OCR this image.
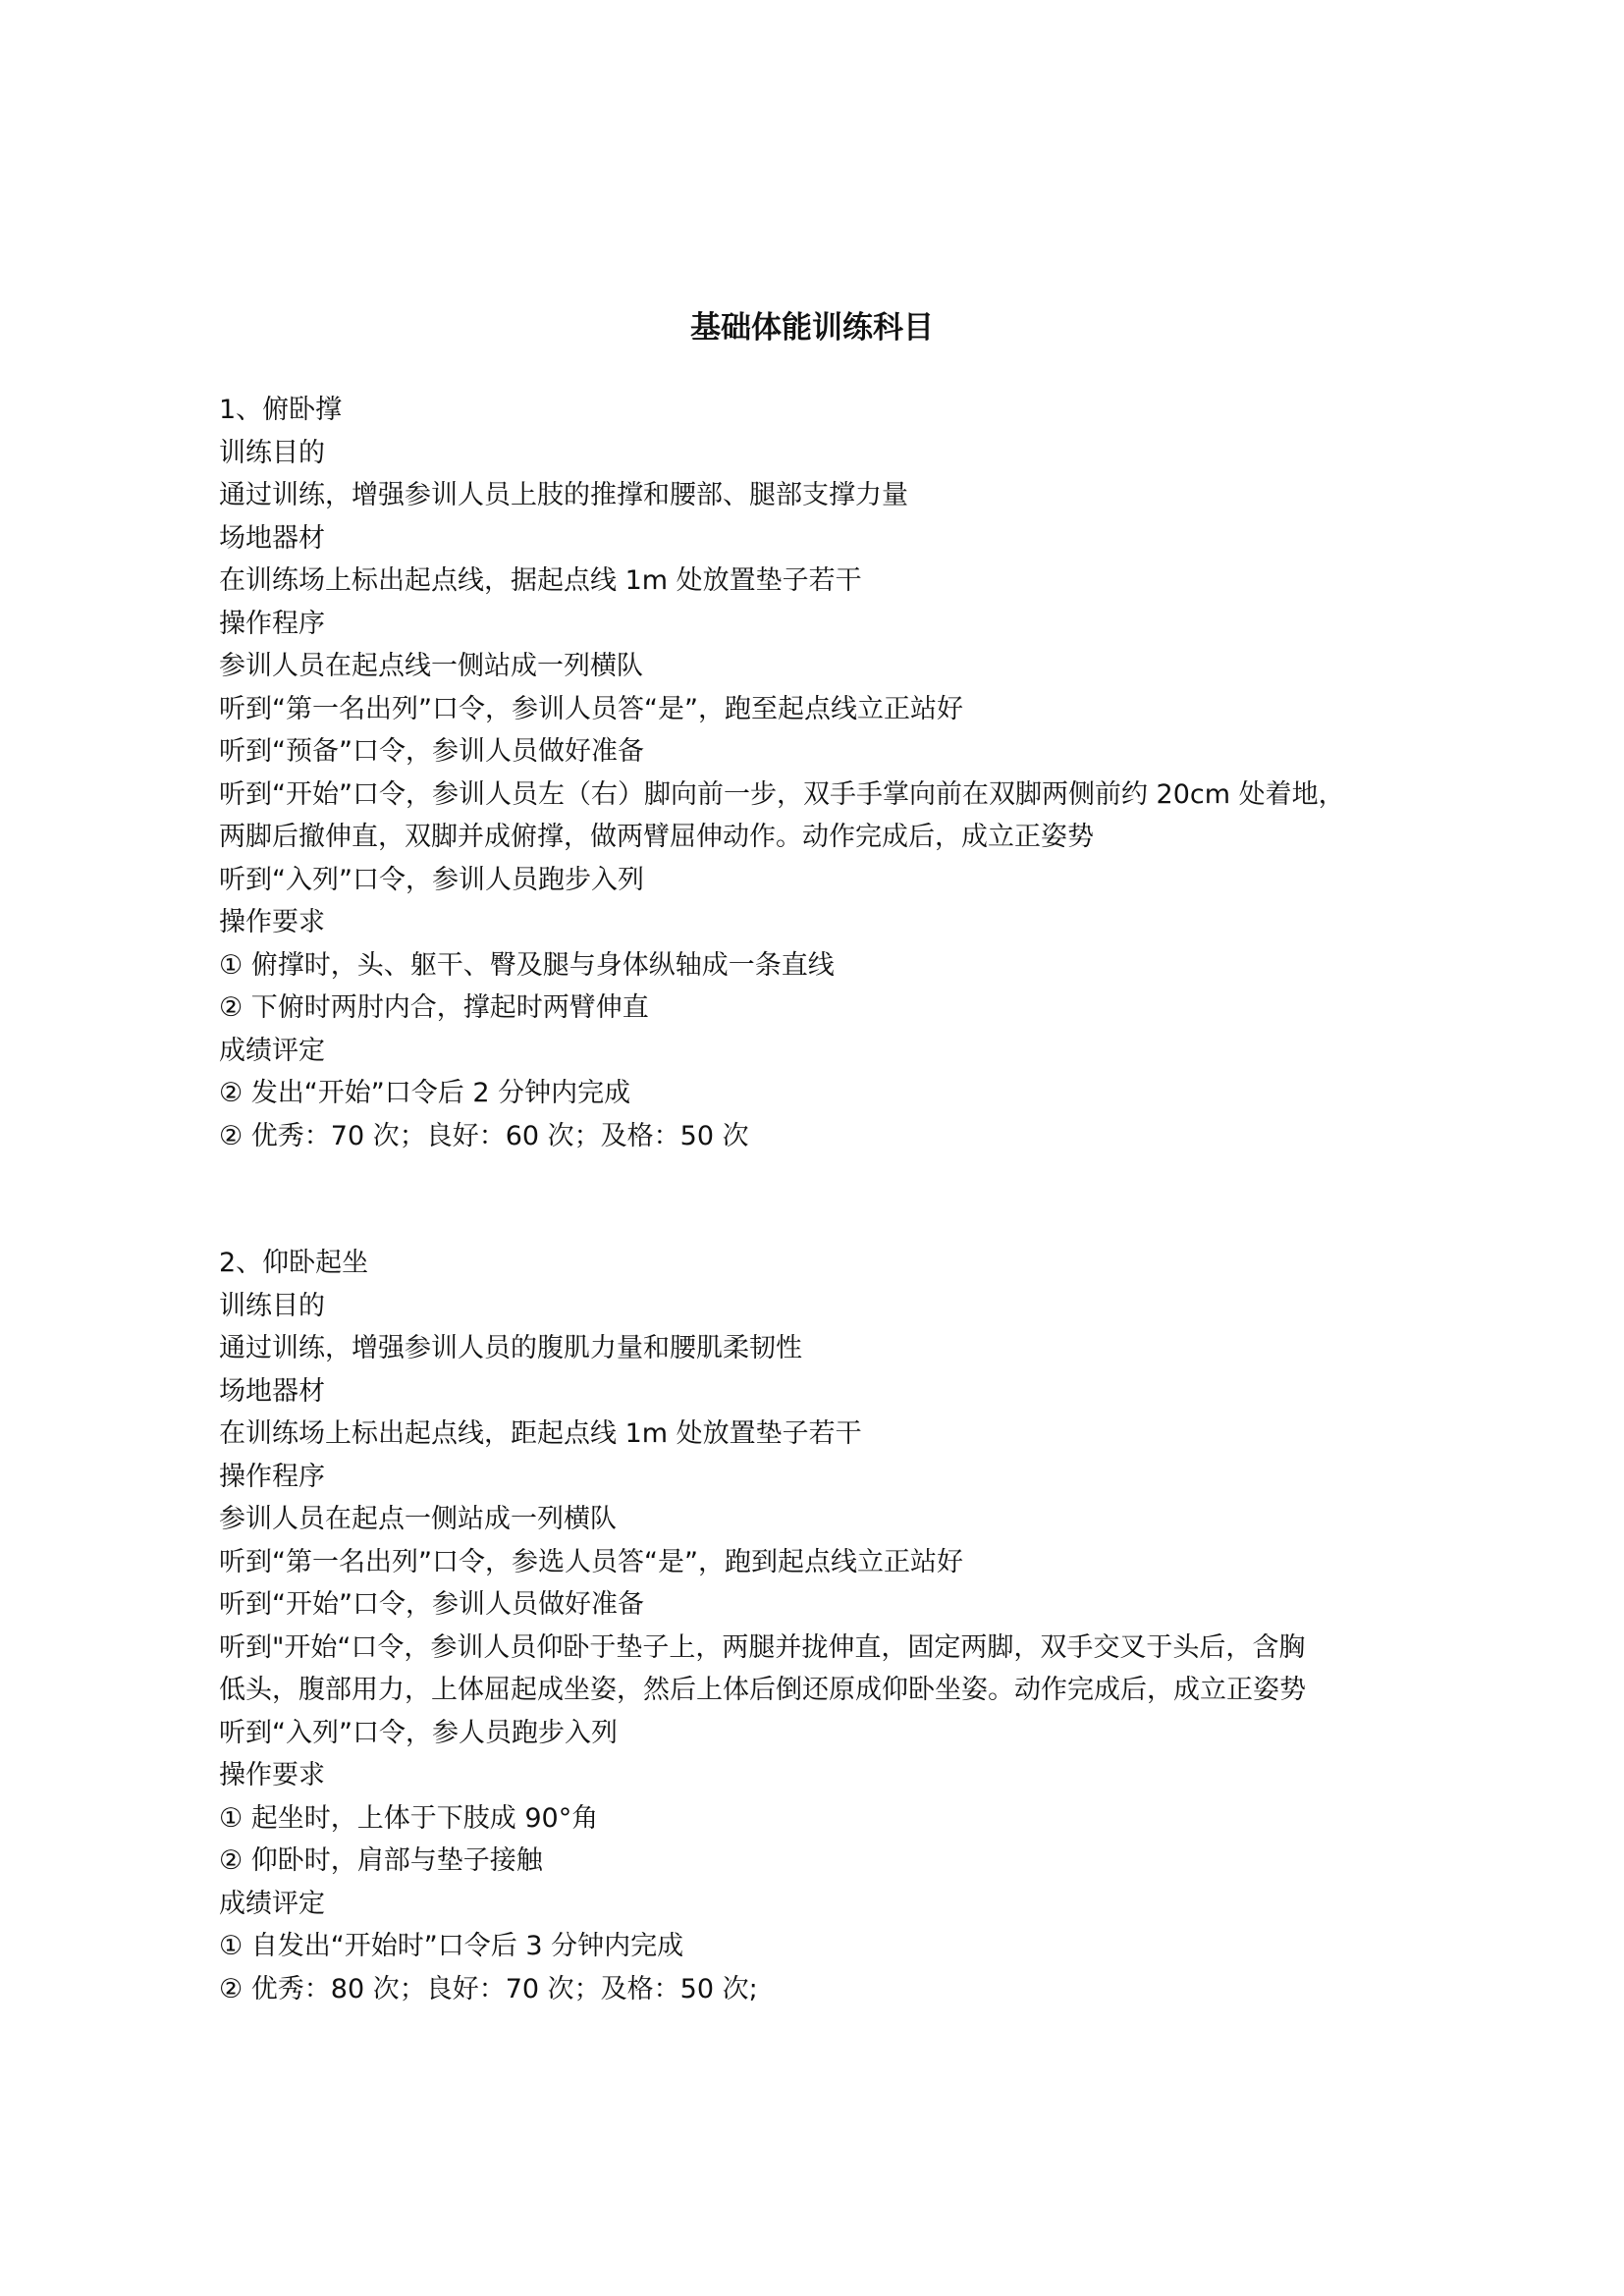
基础体能训练科目

1、俯卧撑

训练目的

通过训练，增强参训人员上肢的推撑和腰部、腿部支撑力量

场地器材

在训练场上标出起点线，据起点线 1m 处放置垫子若干

操作程序

参训人员在起点线一侧站成一列横队

听到“第一名出列”口令，参训人员答“是”，跑至起点线立正站好

听到“预备”口令，参训人员做好准备

听到“开始”口令，参训人员左（右）脚向前一步，双手手掌向前在双脚两侧前约 20cm 处着地，

两脚后撤伸直，双脚并成俯撑，做两臂屈伸动作。动作完成后，成立正姿势

听到“入列”口令，参训人员跑步入列

操作要求

① 俯撑时，头、躯干、臀及腿与身体纵轴成一条直线

② 下俯时两肘内合，撑起时两臂伸直

成绩评定

② 发出“开始”口令后 2 分钟内完成

② 优秀：70 次；良好：60 次；及格：50 次

2、仰卧起坐

训练目的

通过训练，增强参训人员的腹肌力量和腰肌柔韧性

场地器材

在训练场上标出起点线，距起点线 1m 处放置垫子若干

操作程序

参训人员在起点一侧站成一列横队

听到“第一名出列”口令，参选人员答“是”，跑到起点线立正站好

听到“开始”口令，参训人员做好准备

听到"开始“口令，参训人员仰卧于垫子上，两腿并拢伸直，固定两脚，双手交叉于头后，含胸

低头，腹部用力，上体屈起成坐姿，然后上体后倒还原成仰卧坐姿。动作完成后，成立正姿势

听到“入列”口令，参人员跑步入列

操作要求

① 起坐时，上体于下肢成 90°角

② 仰卧时，肩部与垫子接触

成绩评定

① 自发出“开始时”口令后 3 分钟内完成

② 优秀：80 次；良好：70 次；及格：50 次;
